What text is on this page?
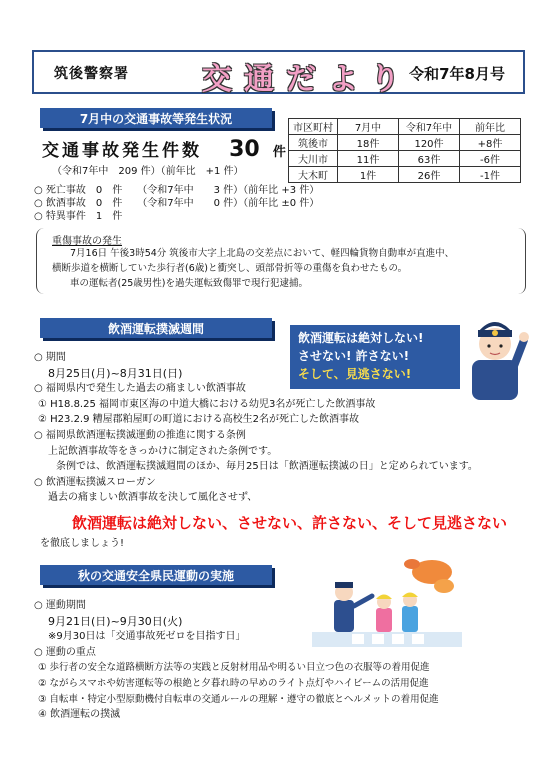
筑後警察署 交通だより
令和7年8月号
7月中の交通事故等発生状況
交通事故発生件数 30 件
（令和7年中　209 件）（前年比　+1 件）
市区町村	7月中	令和7年中	前年比
筑後市	18件	120件	+8件
大川市	11件	63件	-6件
大木町	1件	26件	-1件
○ 死亡事故　0　件　　（令和7年中　　3 件）（前年比 +3 件）
○ 飲酒事故　0　件　　（令和7年中　　0 件）（前年比 ±0 件）
○ 特異事件　1　件
重傷事故の発生
7月16日 午後3時54分 筑後市大字上北島の交差点において、軽四輪貨物自動車が直進中、
横断歩道を横断していた歩行者(6歳)と衝突し、頭部骨折等の重傷を負わせたもの。
車の運転者(25歳男性)を過失運転致傷罪で現行犯逮捕。
飲酒運転撲滅週間
飲酒運転は絶対しない!
させない! 許さない!
そして、見逃さない!
○ 期間
8月25日(月)~8月31日(日)
○ 福岡県内で発生した過去の痛ましい飲酒事故
① H18.8.25 福岡市東区海の中道大橋における幼児3名が死亡した飲酒事故
② H23.2.9 糟屋郡粕屋町の町道における高校生2名が死亡した飲酒事故
○ 福岡県飲酒運転撲滅運動の推進に関する条例
上記飲酒事故等をきっかけに制定された条例です。
条例では、飲酒運転撲滅週間のほか、毎月25日は「飲酒運転撲滅の日」と定められています。
○ 飲酒運転撲滅スローガン
過去の痛ましい飲酒事故を決して風化させず、
飲酒運転は絶対しない、させない、許さない、そして見逃さない
を徹底しましょう!
秋の交通安全県民運動の実施
○ 運動期間
9月21日(日)~9月30日(火)
※9月30日は「交通事故死ゼロを目指す日」
○ 運動の重点
① 歩行者の安全な道路横断方法等の実践と反射材用品や明るい目立つ色の衣服等の着用促進
② ながらスマホや妨害運転等の根絶と夕暮れ時の早めのライト点灯やハイビームの活用促進
③ 自転車・特定小型原動機付自転車の交通ルールの理解・遵守の徹底とヘルメットの着用促進
④ 飲酒運転の撲滅
